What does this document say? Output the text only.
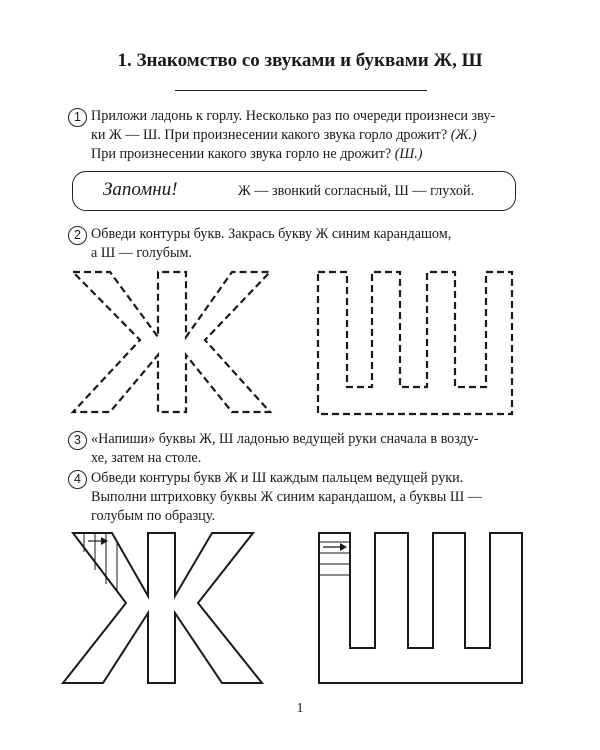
1. Знакомство со звуками и буквами Ж, Ш
1 Приложи ладонь к горлу. Несколько раз по очереди произнеси зву-
ки Ж — Ш. При произнесении какого звука горло дрожит? (Ж.)
При произнесении какого звука горло не дрожит? (Ш.)
Запомни!	Ж — звонкий согласный, Ш — глухой.
2 Обведи контуры букв. Закрась букву Ж синим карандашом,
а Ш — голубым.
3 «Напиши» буквы Ж, Ш ладонью ведущей руки сначала в возду-
хе, затем на столе.
4 Обведи контуры букв Ж и Ш каждым пальцем ведущей руки.
Выполни штриховку буквы Ж синим карандашом, а буквы Ш —
голубым по образцу.
1
